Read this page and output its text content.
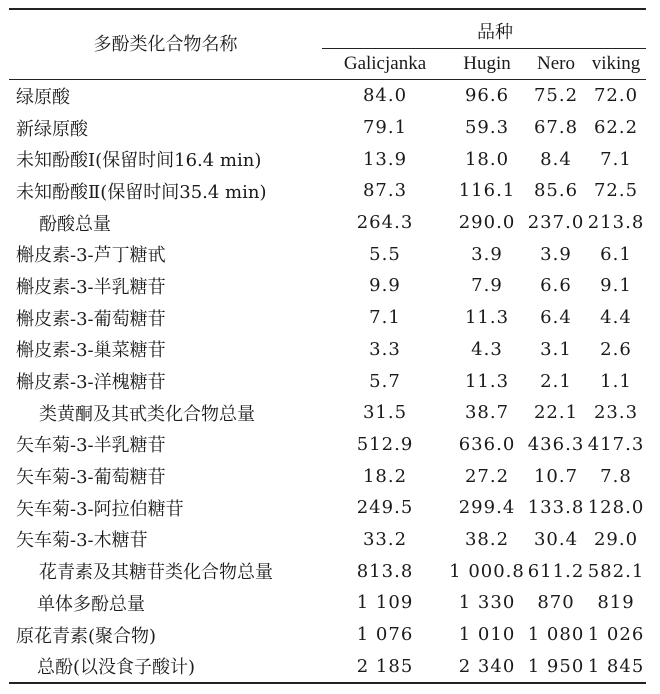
多酚类化合物名称	品种			
	Galicjanka	Hugin	Nero	viking
绿原酸	84.0	96.6	75.2	72.0
新绿原酸	79.1	59.3	67.8	62.2
未知酚酸Ⅰ(保留时间16.4 min)	13.9	18.0	8.4	7.1
未知酚酸Ⅱ(保留时间35.4 min)	87.3	116.1	85.6	72.5
酚酸总量	264.3	290.0	237.0	213.8
槲皮素-3-芦丁糖甙	5.5	3.9	3.9	6.1
槲皮素-3-半乳糖苷	9.9	7.9	6.6	9.1
槲皮素-3-葡萄糖苷	7.1	11.3	6.4	4.4
槲皮素-3-巢菜糖苷	3.3	4.3	3.1	2.6
槲皮素-3-洋槐糖苷	5.7	11.3	2.1	1.1
类黄酮及其甙类化合物总量	31.5	38.7	22.1	23.3
矢车菊-3-半乳糖苷	512.9	636.0	436.3	417.3
矢车菊-3-葡萄糖苷	18.2	27.2	10.7	7.8
矢车菊-3-阿拉伯糖苷	249.5	299.4	133.8	128.0
矢车菊-3-木糖苷	33.2	38.2	30.4	29.0
花青素及其糖苷类化合物总量	813.8	1 000.8	611.2	582.1
单体多酚总量	1 109	1 330	870	819
原花青素(聚合物)	1 076	1 010	1 080	1 026
总酚(以没食子酸计)	2 185	2 340	1 950	1 845
